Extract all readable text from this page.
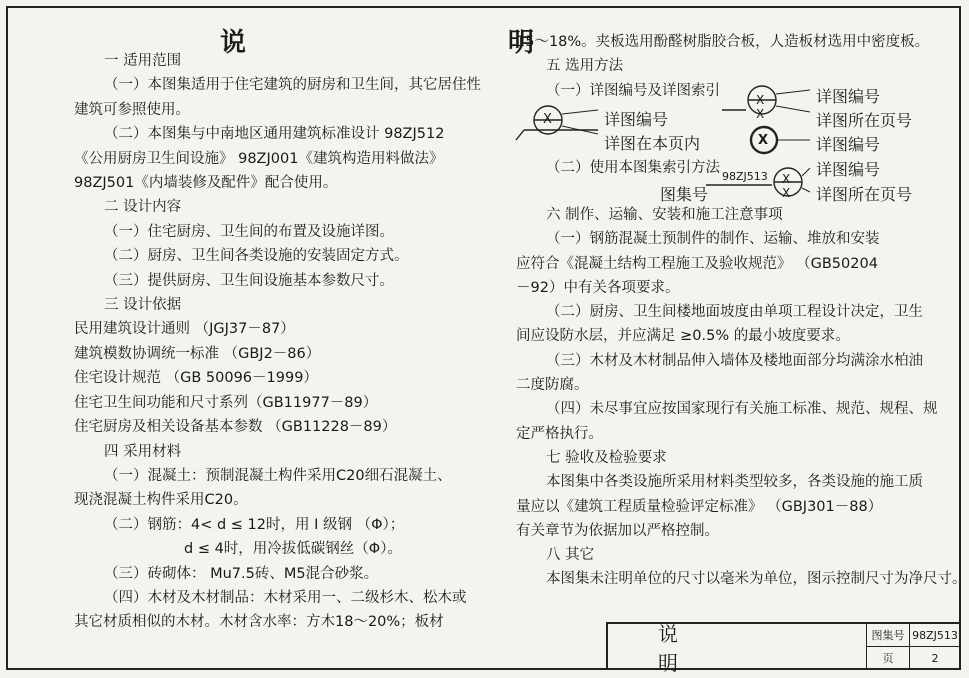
说　　明
一 适用范围
（一）本图集适用于住宅建筑的厨房和卫生间，其它居住性
建筑可参照使用。
（二）本图集与中南地区通用建筑标准设计 98ZJ512
《公用厨房卫生间设施》 98ZJ001《建筑构造用料做法》
98ZJ501《内墙装修及配件》配合使用。
二 设计内容
（一）住宅厨房、卫生间的布置及设施详图。
（二）厨房、卫生间各类设施的安装固定方式。
（三）提供厨房、卫生间设施基本参数尺寸。
三 设计依据
民用建筑设计通则 （JGJ37－87）
建筑模数协调统一标准 （GBJ2－86）
住宅设计规范 （GB 50096－1999）
住宅卫生间功能和尺寸系列（GB11977－89）
住宅厨房及相关设备基本参数 （GB11228－89）
四 采用材料
（一）混凝土：预制混凝土构件采用C20细石混凝土、
现浇混凝土构件采用C20。
（二）钢筋：4< d ≤ 12时，用 I 级钢 （Φ）；
d ≤ 4时，用冷拔低碳钢丝（Φ）。
（三）砖砌体： Mu7.5砖、M5混合砂浆。
（四）木材及木材制品：木材采用一、二级杉木、松木或
其它材质相似的木材。木材含水率：方木18～20%；板材
15～18%。夹板选用酚醛树脂胶合板，人造板材选用中密度板。
五 选用方法
（一）详图编号及详图索引
X
X
X
X
X
X
详图编号
详图在本页内
详图编号
详图所在页号
详图编号
详图编号
详图所在页号
图集号
98ZJ513
（二）使用本图集索引方法
六 制作、运输、安装和施工注意事项
（一）钢筋混凝土预制件的制作、运输、堆放和安装
应符合《混凝土结构工程施工及验收规范》 （GB50204
－92）中有关各项要求。
（二）厨房、卫生间楼地面坡度由单项工程设计决定，卫生
间应设防水层，并应满足 ≥0.5% 的最小坡度要求。
（三）木材及木材制品伸入墙体及楼地面部分均满涂水柏油
二度防腐。
（四）未尽事宜应按国家现行有关施工标准、规范、规程、规
定严格执行。
七 验收及检验要求
本图集中各类设施所采用材料类型较多，各类设施的施工质
量应以《建筑工程质量检验评定标准》 （GBJ301－88）
有关章节为依据加以严格控制。
八 其它
本图集未注明单位的尺寸以毫米为单位，图示控制尺寸为净尺寸。
说　明
图集号 98ZJ513
页	2
